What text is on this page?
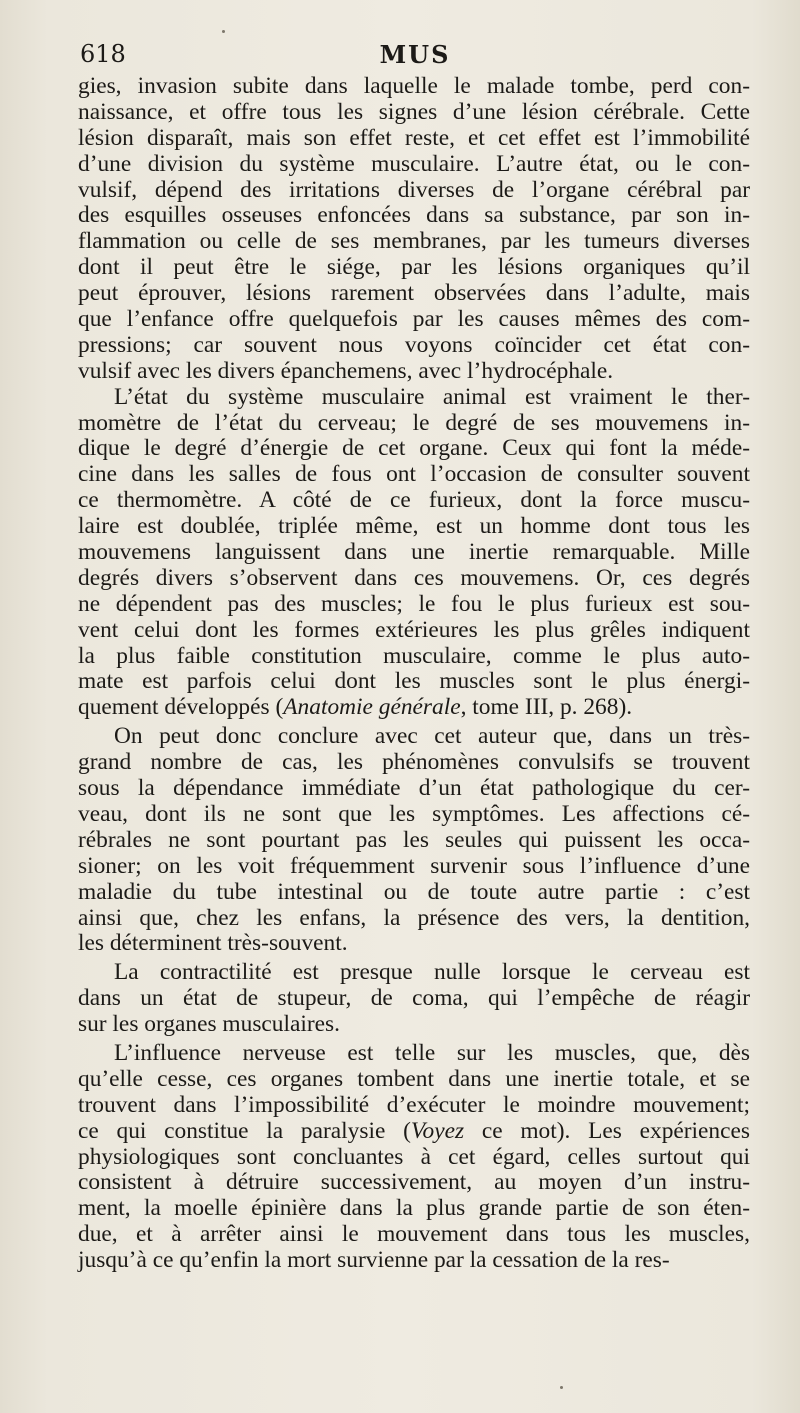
618	MUS
gies, invasion subite dans laquelle le malade tombe, perd con-
naissance, et offre tous les signes d’une lésion cérébrale. Cette
lésion disparaît, mais son effet reste, et cet effet est l’immobilité
d’une division du système musculaire. L’autre état, ou le con-
vulsif, dépend des irritations diverses de l’organe cérébral par
des esquilles osseuses enfoncées dans sa substance, par son in-
flammation ou celle de ses membranes, par les tumeurs diverses
dont il peut être le siége, par les lésions organiques qu’il
peut éprouver, lésions rarement observées dans l’adulte, mais
que l’enfance offre quelquefois par les causes mêmes des com-
pressions; car souvent nous voyons coïncider cet état con-
vulsif avec les divers épanchemens, avec l’hydrocéphale.
L’état du système musculaire animal est vraiment le ther-
momètre de l’état du cerveau; le degré de ses mouvemens in-
dique le degré d’énergie de cet organe. Ceux qui font la méde-
cine dans les salles de fous ont l’occasion de consulter souvent
ce thermomètre. A côté de ce furieux, dont la force muscu-
laire est doublée, triplée même, est un homme dont tous les
mouvemens languissent dans une inertie remarquable. Mille
degrés divers s’observent dans ces mouvemens. Or, ces degrés
ne dépendent pas des muscles; le fou le plus furieux est sou-
vent celui dont les formes extérieures les plus grêles indiquent
la plus faible constitution musculaire, comme le plus auto-
mate est parfois celui dont les muscles sont le plus énergi-
quement développés (Anatomie générale, tome III, p. 268).
On peut donc conclure avec cet auteur que, dans un très-
grand nombre de cas, les phénomènes convulsifs se trouvent
sous la dépendance immédiate d’un état pathologique du cer-
veau, dont ils ne sont que les symptômes. Les affections cé-
rébrales ne sont pourtant pas les seules qui puissent les occa-
sioner; on les voit fréquemment survenir sous l’influence d’une
maladie du tube intestinal ou de toute autre partie : c’est
ainsi que, chez les enfans, la présence des vers, la dentition,
les déterminent très-souvent.
La contractilité est presque nulle lorsque le cerveau est
dans un état de stupeur, de coma, qui l’empêche de réagir
sur les organes musculaires.
L’influence nerveuse est telle sur les muscles, que, dès
qu’elle cesse, ces organes tombent dans une inertie totale, et se
trouvent dans l’impossibilité d’exécuter le moindre mouvement;
ce qui constitue la paralysie (Voyez ce mot). Les expériences
physiologiques sont concluantes à cet égard, celles surtout qui
consistent à détruire successivement, au moyen d’un instru-
ment, la moelle épinière dans la plus grande partie de son éten-
due, et à arrêter ainsi le mouvement dans tous les muscles,
jusqu’à ce qu’enfin la mort survienne par la cessation de la res-
